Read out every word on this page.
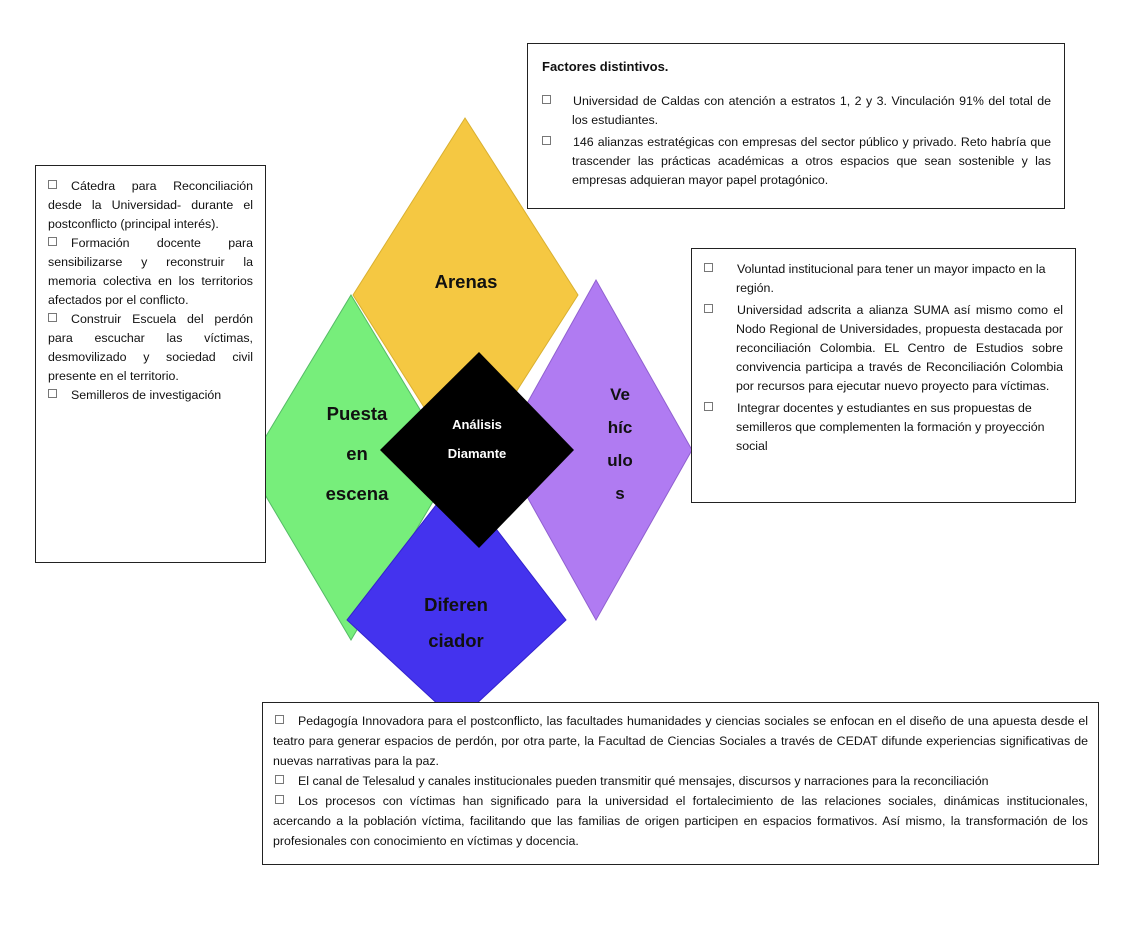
Arenas
Puesta
en
escena
Ve
híc
ulo
s
Diferen
ciador
Análisis
Diamante

Factores distintivos.

Universidad de Caldas con atención a estratos 1, 2 y 3. Vinculación 91% del total de los estudiantes.

146 alianzas estratégicas con empresas del sector público y privado. Reto habría que trascender las prácticas académicas a otros espacios que sean sostenible y las empresas adquieran mayor papel protagónico.

Cátedra para Reconciliación desde la Universidad- durante el postconflicto (principal interés).

Formación docente para sensibilizarse y reconstruir la memoria colectiva en los territorios afectados por el conflicto.

Construir Escuela del perdón para escuchar las víctimas, desmovilizado y sociedad civil presente en el territorio.

Semilleros de investigación

Voluntad institucional para tener un mayor impacto en la región.

Universidad adscrita a alianza SUMA así mismo como el Nodo Regional de Universidades, propuesta destacada por reconciliación Colombia. EL Centro de Estudios sobre convivencia participa a través de Reconciliación Colombia por recursos para ejecutar nuevo proyecto para víctimas.

Integrar docentes y estudiantes en sus propuestas de semilleros que complementen la formación y proyección social

Pedagogía Innovadora para el postconflicto, las facultades humanidades y ciencias sociales se enfocan en el diseño de una apuesta desde el teatro para generar espacios de perdón, por otra parte, la Facultad de Ciencias Sociales a través de CEDAT difunde experiencias significativas de nuevas narrativas para la paz.

El canal de Telesalud y canales institucionales pueden transmitir qué mensajes, discursos y narraciones para la reconciliación

Los procesos con víctimas han significado para la universidad el fortalecimiento de las relaciones sociales, dinámicas institucionales, acercando a la población víctima, facilitando que las familias de origen participen en espacios formativos. Así mismo, la transformación de los profesionales con conocimiento en víctimas y docencia.
